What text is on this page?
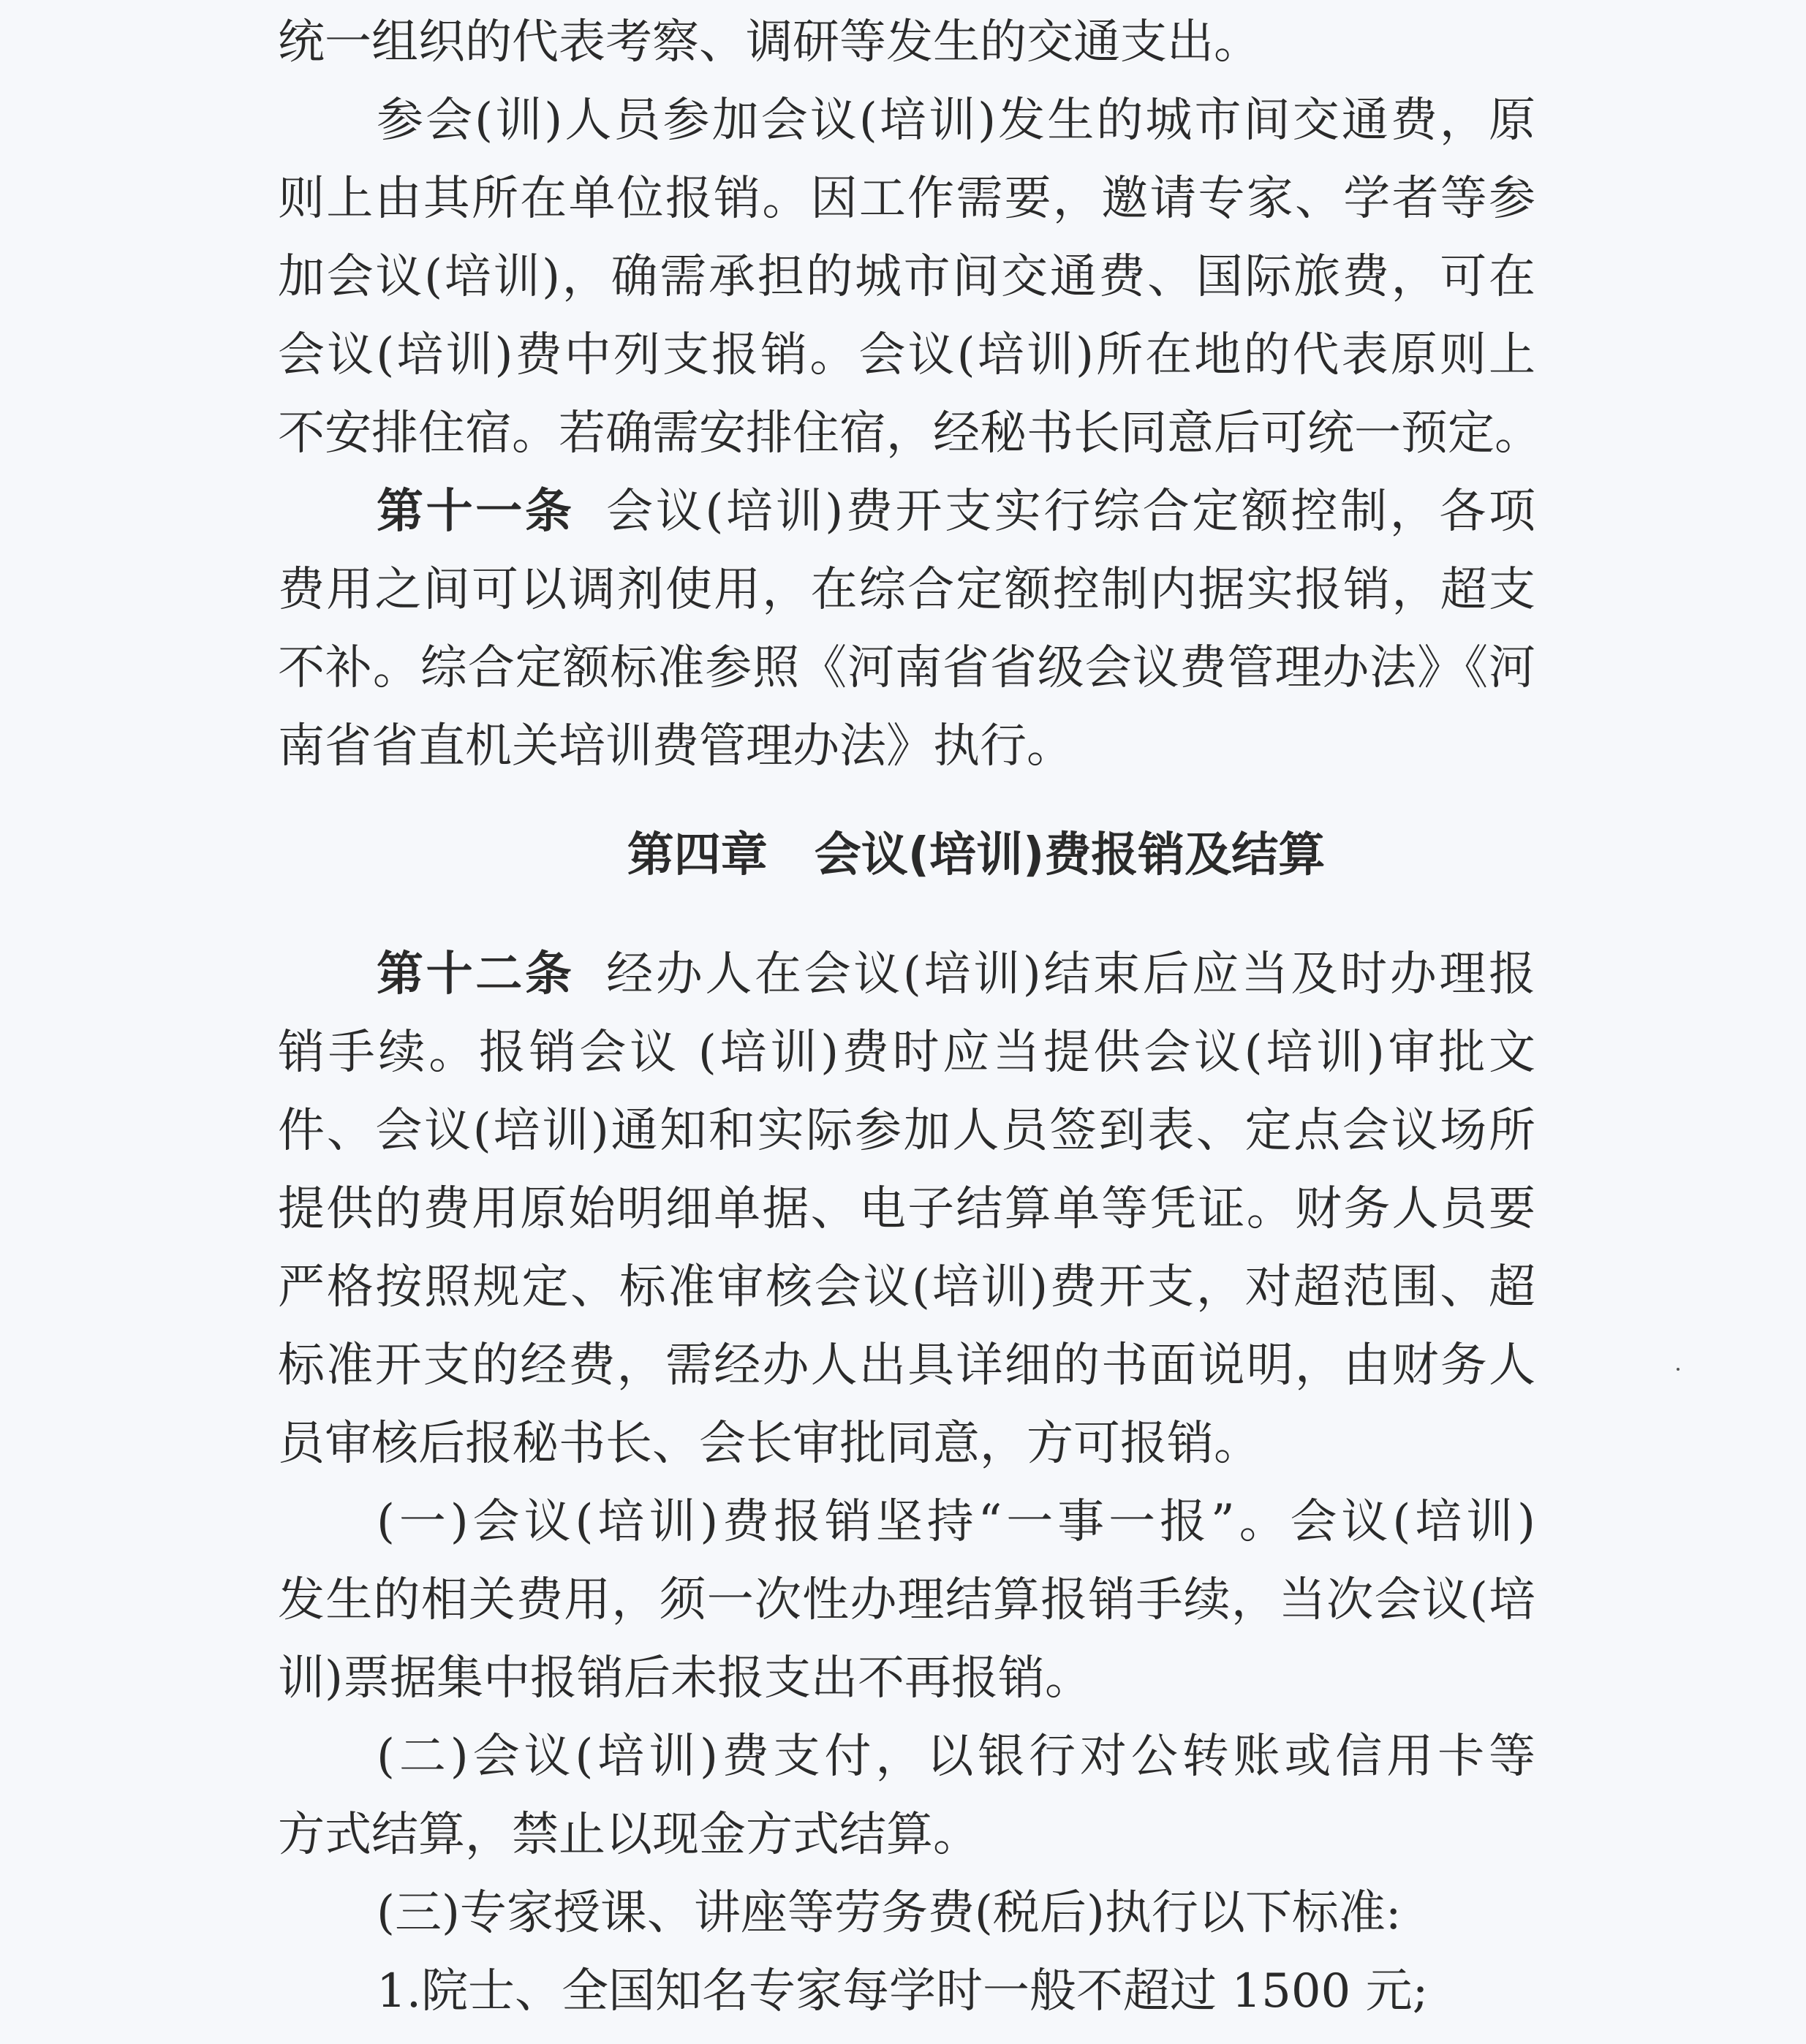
统一组织的代表考察、调研等发生的交通支出。
参会(训)人员参加会议(培训)发生的城市间交通费，原
则上由其所在单位报销。因工作需要，邀请专家、学者等参
加会议(培训)，确需承担的城市间交通费、国际旅费，可在
会议(培训)费中列支报销。会议(培训)所在地的代表原则上
不安排住宿。若确需安排住宿，经秘书长同意后可统一预定。
第十一条 会议(培训)费开支实行综合定额控制，各项
费用之间可以调剂使用，在综合定额控制内据实报销，超支
不补。综合定额标准参照《河南省省级会议费管理办法》《河
南省省直机关培训费管理办法》执行。
第四章 会议(培训)费报销及结算
第十二条 经办人在会议(培训)结束后应当及时办理报
销手续。报销会议 (培训)费时应当提供会议(培训)审批文
件、会议(培训)通知和实际参加人员签到表、定点会议场所
提供的费用原始明细单据、电子结算单等凭证。财务人员要
严格按照规定、标准审核会议(培训)费开支，对超范围、超
标准开支的经费，需经办人出具详细的书面说明，由财务人
员审核后报秘书长、会长审批同意，方可报销。
(一)会议(培训)费报销坚持“一事一报”。会议(培训)
发生的相关费用，须一次性办理结算报销手续，当次会议(培
训)票据集中报销后未报支出不再报销。
(二)会议(培训)费支付，以银行对公转账或信用卡等
方式结算，禁止以现金方式结算。
(三)专家授课、讲座等劳务费(税后)执行以下标准:
1.院士、全国知名专家每学时一般不超过 1500 元;
